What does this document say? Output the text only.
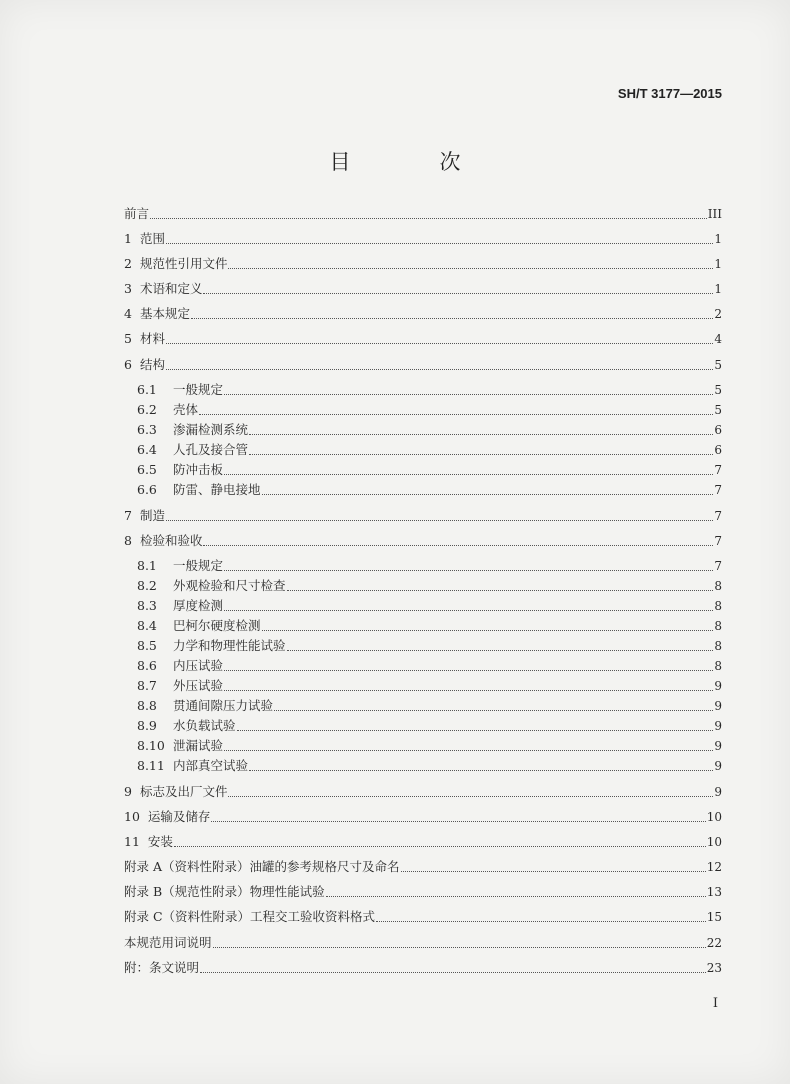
SH/T 3177—2015
目　次
前言	III
1 范围	1
2 规范性引用文件	1
3 术语和定义	1
4 基本规定	2
5 材料	4
6 结构	5
6.1	一般规定	5
6.2	壳体	5
6.3	渗漏检测系统	6
6.4	人孔及接合管	6
6.5	防冲击板	7
6.6	防雷、静电接地	7
7 制造	7
8 检验和验收	7
8.1	一般规定	7
8.2	外观检验和尺寸检查	8
8.3	厚度检测	8
8.4	巴柯尔硬度检测	8
8.5	力学和物理性能试验	8
8.6	内压试验	8
8.7	外压试验	9
8.8	贯通间隙压力试验	9
8.9	水负载试验	9
8.10 泄漏试验	9
8.11 内部真空试验	9
9 标志及出厂文件	9
10 运输及储存	10
11 安装	10
附录 A（资料性附录）油罐的参考规格尺寸及命名	12
附录 B（规范性附录）物理性能试验	13
附录 C（资料性附录）工程交工验收资料格式	15
本规范用词说明	22
附：条文说明	23
I
